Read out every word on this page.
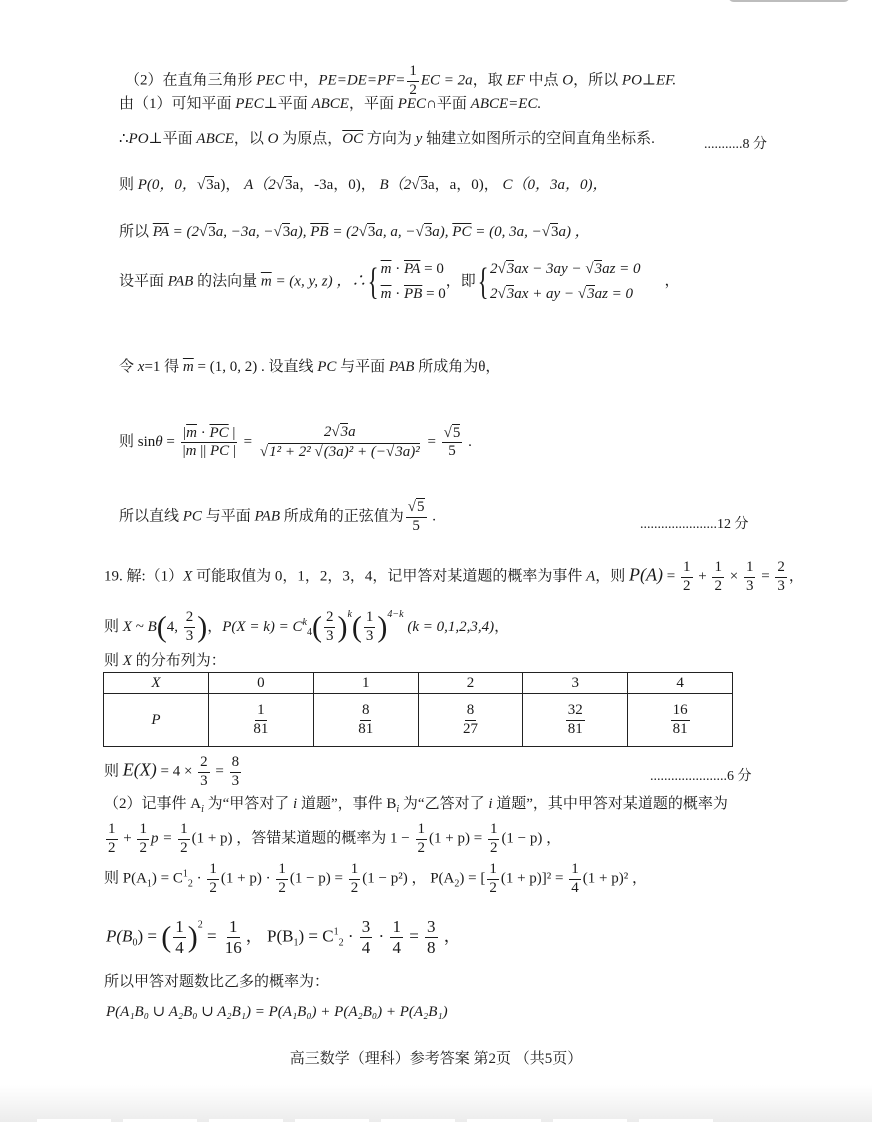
（2）在直角三角形 PEC 中，$PE=DE=PF= \frac{1}{2}$ EC = 2a，取 EF 中点 O，所以 PO⊥EF.
由（1）可知平面 PEC⊥平面 ABCE，平面 PEC∩平面 ABCE=EC.
∴PO⊥平面 ABCE，以 O 为原点，$\overline{OC}$ 方向为 y 轴建立如图所示的空间直角坐标系.	...........8 分
则 P(0，0，√3a)， A（2√3a，-3a，0)， B（2√3a，a，0)， C（0，3a，0)，
所以 $\overline{PA} = (2√3a$, −3a, −√3a), $\overline{PB} = (2√3a$, a, −√3a), $\overline{PC} = (0$, 3a, −√3a) ，
设平面 PAB 的法向量 $\overline{m} = (x$, y, z) ，∴{ $\overline{m} \cdot \overline{PA} = 0$
$\overline{m} \cdot \overline{PB} = 0$
，即{ 2√3ax − 3ay − √3az = 0
2√3ax + ay − √3az = 0
，
令 x=1 得 $\overline{m} = (1$, 0, 2) . 设直线 PC 与平面 PAB 所成角为θ，
则 $\sin\theta = \frac{|\overline{m} \cdot \overline{PC} |}{|\overline{m} || \overline{PC} |} = \frac{2√3a}{\text{√1² + 2² √(3a)² + (−√3a)²}} = \frac{√5}{5}$ .
所以直线 PC 与平面 PAB 所成角的正弦值为 $\frac{√5}{5}$ .	......................12 分
19. 解:（1）X 可能取值为 0，1，2，3，4，记甲答对某道题的概率为事件 A，则 $P(A) = \frac{1}{2} + \frac{1}{2} \times \frac{1}{3} = \frac{2}{3}$ ，
则 X ~ B(4, $\frac{2}{3}$ )，$P(X = k) = C^k_4( \frac{2}{3} )^k( \frac{1}{3} )^{4-k}$ (k = 0,1,2,3,4)，
则 X 的分布列为：
X	0	1	2	3	4
P	$\frac{1}{81}$	$\frac{8}{81}$	$\frac{8}{27}$	$\frac{32}{81}$	$\frac{16}{81}$
则 $E(X) = 4 \times \frac{2}{3} = \frac{8}{3}$	......................6 分
（2）记事件 $A_i$ 为“甲答对了 i 道题”，事件 $B_i$ 为“乙答对了 i 道题”，其中甲答对某道题的概率为
$\frac{1}{2} + \frac{1}{2}$ $p = \frac{1}{2} (1 + p)$ ，答错某道题的概率为 $1 - \frac{1}{2} (1 + p) = \frac{1}{2} (1 - p)$ ，
则 $P(A_1) = C^1_2 \cdot \frac{1}{2} (1 + p) \cdot \frac{1}{2} (1 - p) = \frac{1}{2} (1 - p^2)$ ， $P(A_2)$ = [ $\frac{1}{2} (1 + p)]^2 = \frac{1}{4} (1 + p)^2$ ，
$P(B_0)$ = ( $\frac{1}{4} )^2 = \frac{1}{16}$ ， $P(B_1) = C^1_2 \cdot \frac{3}{4} \cdot \frac{1}{4} = \frac{3}{8}$ ，
所以甲答对题数比乙多的概率为：
P(A₁B₀ ∪ A₂B₀ ∪ A₂B₁) = P(A₁B₀) + P(A₂B₀) + P(A₂B₁)
高三数学（理科）参考答案 第2页 （共5页）
